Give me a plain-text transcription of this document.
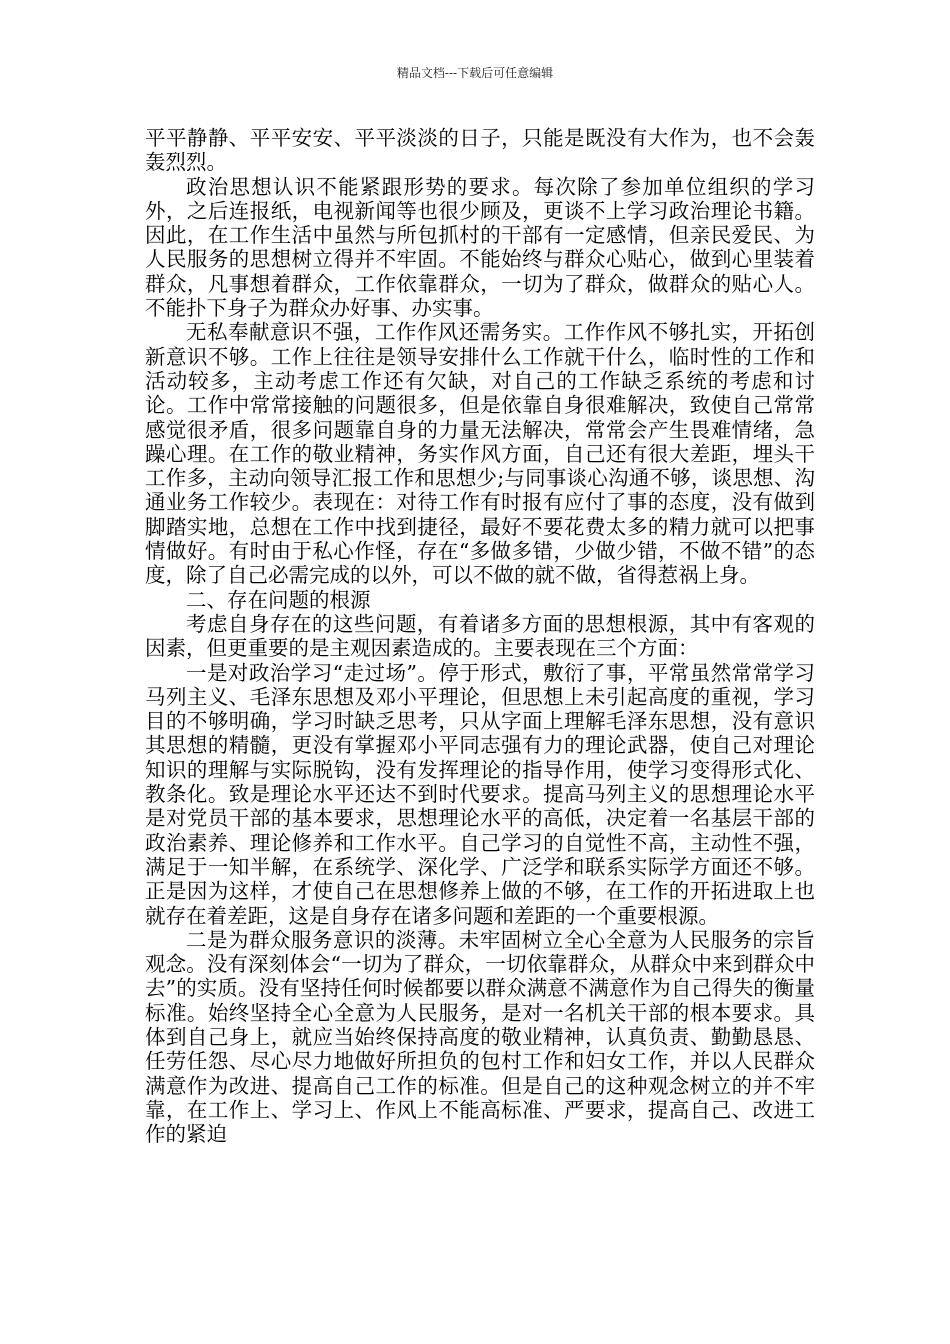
精品文档---下载后可任意编辑

平平静静、平平安安、平平淡淡的日子，只能是既没有大作为，也不会轰轰烈烈。

政治思想认识不能紧跟形势的要求。每次除了参加单位组织的学习外，之后连报纸，电视新闻等也很少顾及，更谈不上学习政治理论书籍。因此，在工作生活中虽然与所包抓村的干部有一定感情，但亲民爱民、为人民服务的思想树立得并不牢固。不能始终与群众心贴心，做到心里装着群众，凡事想着群众，工作依靠群众，一切为了群众，做群众的贴心人。不能扑下身子为群众办好事、办实事。

无私奉献意识不强，工作作风还需务实。工作作风不够扎实，开拓创新意识不够。工作上往往是领导安排什么工作就干什么，临时性的工作和活动较多，主动考虑工作还有欠缺，对自己的工作缺乏系统的考虑和讨论。工作中常常接触的问题很多，但是依靠自身很难解决，致使自己常常感觉很矛盾，很多问题靠自身的力量无法解决，常常会产生畏难情绪，急躁心理。在工作的敬业精神，务实作风方面，自己还有很大差距，埋头干工作多，主动向领导汇报工作和思想少;与同事谈心沟通不够，谈思想、沟通业务工作较少。表现在：对待工作有时报有应付了事的态度，没有做到脚踏实地，总想在工作中找到捷径，最好不要花费太多的精力就可以把事情做好。有时由于私心作怪，存在“多做多错，少做少错，不做不错”的态度，除了自己必需完成的以外，可以不做的就不做，省得惹祸上身。

二、存在问题的根源

考虑自身存在的这些问题，有着诸多方面的思想根源，其中有客观的因素，但更重要的是主观因素造成的。主要表现在三个方面：

一是对政治学习“走过场”。停于形式，敷衍了事，平常虽然常常学习马列主义、毛泽东思想及邓小平理论，但思想上未引起高度的重视，学习目的不够明确，学习时缺乏思考，只从字面上理解毛泽东思想，没有意识其思想的精髓，更没有掌握邓小平同志强有力的理论武器，使自己对理论知识的理解与实际脱钩，没有发挥理论的指导作用，使学习变得形式化、教条化。致是理论水平还达不到时代要求。提高马列主义的思想理论水平是对党员干部的基本要求，思想理论水平的高低，决定着一名基层干部的政治素养、理论修养和工作水平。自己学习的自觉性不高，主动性不强，满足于一知半解，在系统学、深化学、广泛学和联系实际学方面还不够。正是因为这样，才使自己在思想修养上做的不够，在工作的开拓进取上也就存在着差距，这是自身存在诸多问题和差距的一个重要根源。

二是为群众服务意识的淡薄。未牢固树立全心全意为人民服务的宗旨观念。没有深刻体会“一切为了群众，一切依靠群众，从群众中来到群众中去”的实质。没有坚持任何时候都要以群众满意不满意作为自己得失的衡量标准。始终坚持全心全意为人民服务，是对一名机关干部的根本要求。具体到自己身上，就应当始终保持高度的敬业精神，认真负责、勤勤恳恳、任劳任怨、尽心尽力地做好所担负的包村工作和妇女工作，并以人民群众满意作为改进、提高自己工作的标准。但是自己的这种观念树立的并不牢靠，在工作上、学习上、作风上不能高标准、严要求，提高自己、改进工作的紧迫
